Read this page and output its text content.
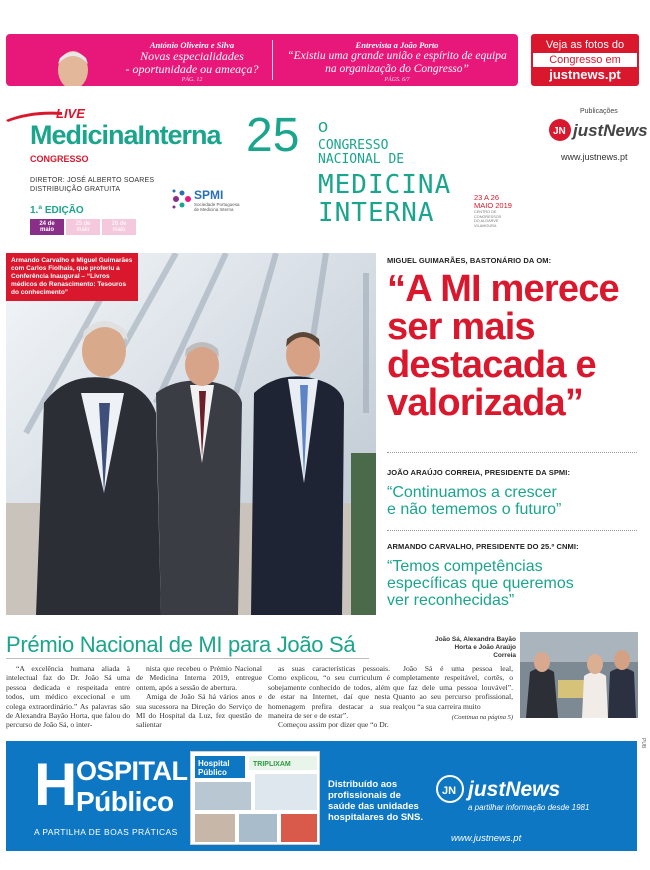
António Oliveira e Silva
Novas especialidades
- oportunidade ou ameaça?
PÁG. 12
Entrevista a João Porto
“Existiu uma grande união e espírito de equipa
na organização do Congresso”
PÁGS. 6/7
Veja as fotos do
Congresso em
justnews.pt
LIVE
MedicinaInterna
CONGRESSO
DIRETOR: JOSÉ ALBERTO SOARES
DISTRIBUIÇÃO GRATUITA
1.ª EDIÇÃO
24 de maio
25 de maio
26 de maio
SPMI
Sociedade Portuguesa de Medicina Interna
25 o
CONGRESSO
NACIONAL DE
MEDICINA
INTERNA
23 A 26
MAIO 2019
CENTRO DE CONGRESSOS
DO ALGARVE
VILAMOURA
Publicações
JN justNews
www.justnews.pt
Armando Carvalho e Miguel Guimarães com Carlos Fiolhais, que proferiu a Conferência Inaugural – “Livros médicos do Renascimento: Tesouros do conhecimento”
MIGUEL GUIMARÃES, BASTONÁRIO DA OM:
“A MI merece
ser mais
destacada e
valorizada”
JOÃO ARAÚJO CORREIA, PRESIDENTE DA SPMI:
“Continuamos a crescer
e não tememos o futuro”
ARMANDO CARVALHO, PRESIDENTE DO 25.º CNMI:
“Temos competências
específicas que queremos
ver reconhecidas”
Prémio Nacional de MI para João Sá

“A excelência humana aliada à intelectual faz do Dr. João Sá uma pessoa dedicada e respeitada entre todos, um médico excecional e um colega extraordinário.” As palavras são de Alexandra Bayão Horta, que falou do percurso de João Sá, o inter-

nista que recebeu o Prémio Nacional de Medicina Interna 2019, entregue ontem, após a sessão de abertura.

Amiga de João Sá há vários anos e sua sucessora na Direção do Serviço de MI do Hospital da Luz, fez questão de salientar

as suas características pessoais. Como explicou, “o seu curriculum é sobejamente conhecido de todos, além de estar na Internet, daí que nesta homenagem prefira destacar a sua maneira de ser e de estar”.

Começou assim por dizer que “o Dr.

João Sá é uma pessoa leal, completamente respeitável, cortês, o que faz dele uma pessoa louvável”. Quanto ao seu percurso profissional, realçou “a sua carreira muito

(Continua na página 5)
João Sá, Alexandra Bayão Horta e João Araújo Correia
PUB
H
OSPITAL
Público
A PARTILHA DE BOAS PRÁTICAS
Hospital
Público
TRIPLIXAM
Distribuído aos profissionais de saúde das unidades hospitalares do SNS.
JN justNews
a partilhar informação desde 1981
www.justnews.pt
